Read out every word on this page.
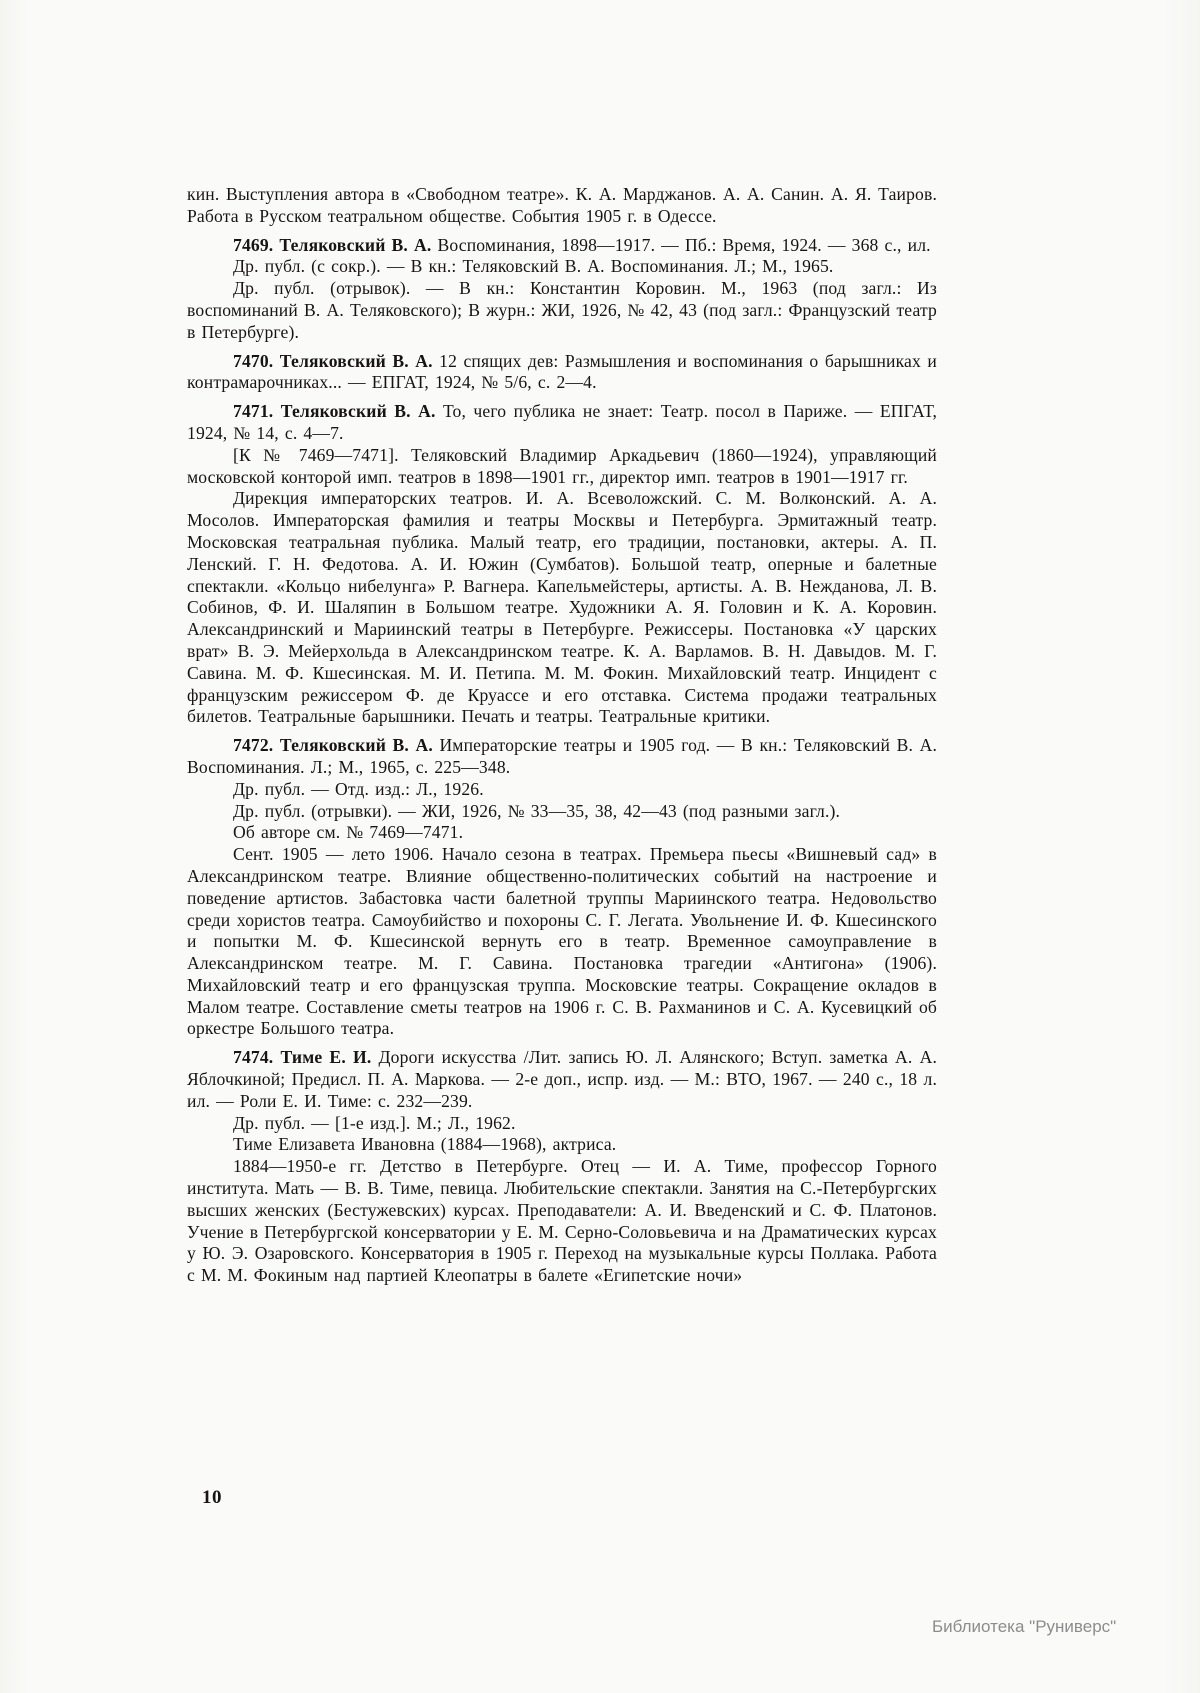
кин. Выступления автора в «Свободном театре». К. А. Марджанов. А. А. Санин. А. Я. Таиров. Работа в Русском театральном обществе. События 1905 г. в Одессе.

7469. Теляковский В. А. Воспоминания, 1898—1917. — Пб.: Время, 1924. — 368 с., ил.

Др. публ. (с сокр.). — В кн.: Теляковский В. А. Воспоминания. Л.; М., 1965.

Др. публ. (отрывок). — В кн.: Константин Коровин. М., 1963 (под загл.: Из воспоминаний В. А. Теляковского); В журн.: ЖИ, 1926, № 42, 43 (под загл.: Французский театр в Петербурге).

7470. Теляковский В. А. 12 спящих дев: Размышления и воспоминания о барышниках и контрамарочниках... — ЕПГАТ, 1924, № 5/6, с. 2—4.

7471. Теляковский В. А. То, чего публика не знает: Театр. посол в Париже. — ЕПГАТ, 1924, № 14, с. 4—7.

[К № 7469—7471]. Теляковский Владимир Аркадьевич (1860—1924), управляющий московской конторой имп. театров в 1898—1901 гг., директор имп. театров в 1901—1917 гг.

Дирекция императорских театров. И. А. Всеволожский. С. М. Волконский. А. А. Мосолов. Императорская фамилия и театры Москвы и Петербурга. Эрмитажный театр. Московская театральная публика. Малый театр, его традиции, постановки, актеры. А. П. Ленский. Г. Н. Федотова. А. И. Южин (Сумбатов). Большой театр, оперные и балетные спектакли. «Кольцо нибелунга» Р. Вагнера. Капельмейстеры, артисты. А. В. Нежданова, Л. В. Собинов, Ф. И. Шаляпин в Большом театре. Художники А. Я. Головин и К. А. Коровин. Александринский и Мариинский театры в Петербурге. Режиссеры. Постановка «У царских врат» В. Э. Мейерхольда в Александринском театре. К. А. Варламов. В. Н. Давыдов. М. Г. Савина. М. Ф. Кшесинская. М. И. Петипа. М. М. Фокин. Михайловский театр. Инцидент с французским режиссером Ф. де Круассе и его отставка. Система продажи театральных билетов. Театральные барышники. Печать и театры. Театральные критики.

7472. Теляковский В. А. Императорские театры и 1905 год. — В кн.: Теляковский В. А. Воспоминания. Л.; М., 1965, с. 225—348.

Др. публ. — Отд. изд.: Л., 1926.

Др. публ. (отрывки). — ЖИ, 1926, № 33—35, 38, 42—43 (под разными загл.).

Об авторе см. № 7469—7471.

Сент. 1905 — лето 1906. Начало сезона в театрах. Премьера пьесы «Вишневый сад» в Александринском театре. Влияние общественно-политических событий на настроение и поведение артистов. Забастовка части балетной труппы Мариинского театра. Недовольство среди хористов театра. Самоубийство и похороны С. Г. Легата. Увольнение И. Ф. Кшесинского и попытки М. Ф. Кшесинской вернуть его в театр. Временное самоуправление в Александринском театре. М. Г. Савина. Постановка трагедии «Антигона» (1906). Михайловский театр и его французская труппа. Московские театры. Сокращение окладов в Малом театре. Составление сметы театров на 1906 г. С. В. Рахманинов и С. А. Кусевицкий об оркестре Большого театра.

7474. Тиме Е. И. Дороги искусства /Лит. запись Ю. Л. Алянского; Вступ. заметка А. А. Яблочкиной; Предисл. П. А. Маркова. — 2-е доп., испр. изд. — М.: ВТО, 1967. — 240 с., 18 л. ил. — Роли Е. И. Тиме: с. 232—239.

Др. публ. — [1-е изд.]. М.; Л., 1962.

Тиме Елизавета Ивановна (1884—1968), актриса.

1884—1950-е гг. Детство в Петербурге. Отец — И. А. Тиме, профессор Горного института. Мать — В. В. Тиме, певица. Любительские спектакли. Занятия на С.-Петербургских высших женских (Бестужевских) курсах. Преподаватели: А. И. Введенский и С. Ф. Платонов. Учение в Петербургской консерватории у Е. М. Серно-Соловьевича и на Драматических курсах у Ю. Э. Озаровского. Консерватория в 1905 г. Переход на музыкальные курсы Поллака. Работа с М. М. Фокиным над партией Клеопатры в балете «Египетские ночи»

10
Библиотека "Руниверс"
